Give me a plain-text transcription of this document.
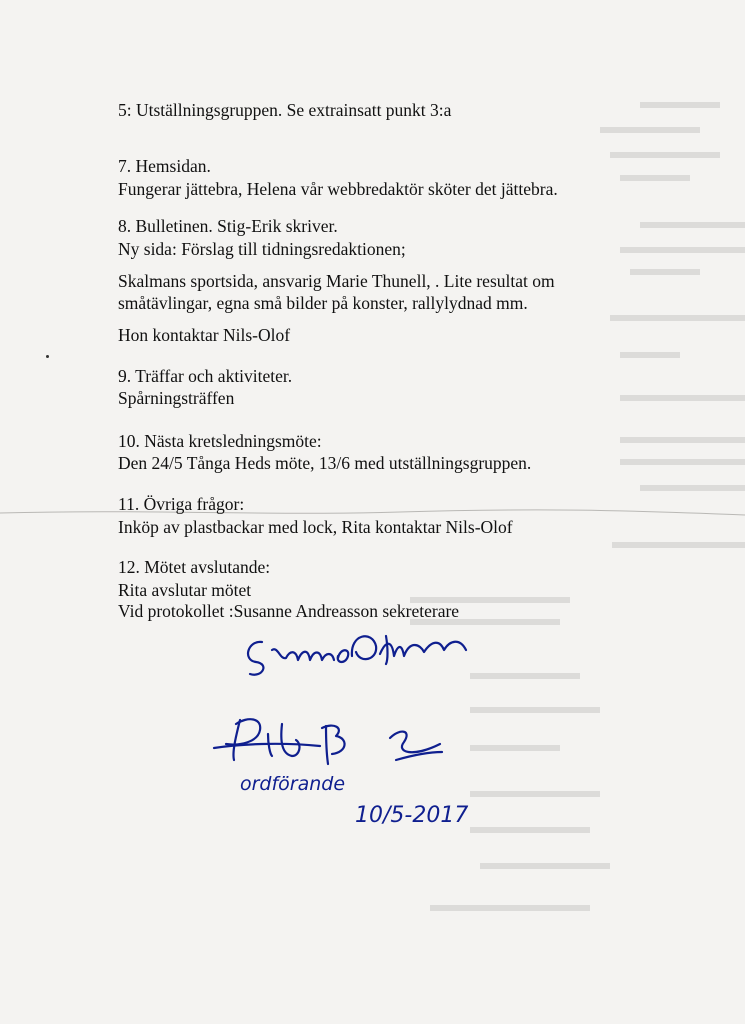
5: Utställningsgruppen. Se extrainsatt punkt 3:a
7. Hemsidan.
Fungerar jättebra, Helena vår webbredaktör sköter det jättebra.
8. Bulletinen. Stig-Erik skriver.
Ny sida: Förslag till tidningsredaktionen;
Skalmans sportsida, ansvarig Marie Thunell, . Lite resultat om
småtävlingar, egna små bilder på konster, rallylydnad mm.
Hon kontaktar Nils-Olof
9. Träffar och aktiviteter.
Spårningsträffen
10. Nästa kretsledningsmöte:
Den 24/5 Tånga Heds möte, 13/6 med utställningsgruppen.
11. Övriga frågor:
Inköp av plastbackar med lock, Rita kontaktar Nils-Olof
12. Mötet avslutande:
Rita avslutar mötet
Vid protokollet :Susanne Andreasson sekreterare
ordförande
10/5-2017
